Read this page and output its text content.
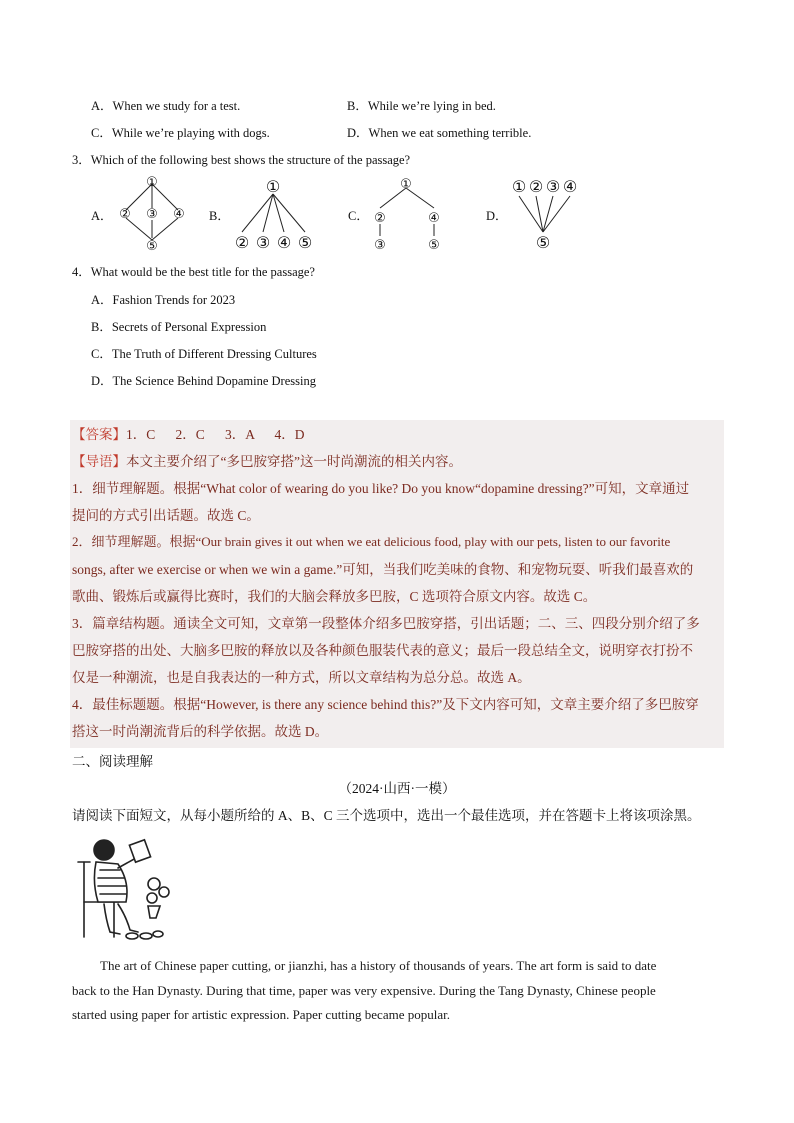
A．When we study for a test.	B．While we’re lying in bed.
C．While we’re playing with dogs.	D．When we eat something terrible.
3．Which of the following best shows the structure of the passage?
A．
①
② ③ ④
⑤
B．
①
② ③ ④ ⑤
C．
①
②	④
③	⑤
D．
① ② ③ ④
⑤
4．What would be the best title for the passage?
A．Fashion Trends for 2023
B．Secrets of Personal Expression
C．The Truth of Different Dressing Cultures
D．The Science Behind Dopamine Dressing
【答案】1．C      2．C      3．A      4．D
【导语】本文主要介绍了“多巴胺穿搭”这一时尚潮流的相关内容。
1．细节理解题。根据“What color of wearing do you like? Do you know“dopamine dressing?”可知，文章通过
提问的方式引出话题。故选 C。
2．细节理解题。根据“Our brain gives it out when we eat delicious food, play with our pets, listen to our favorite
songs, after we exercise or when we win a game.”可知，当我们吃美味的食物、和宠物玩耍、听我们最喜欢的
歌曲、锻炼后或赢得比赛时，我们的大脑会释放多巴胺，C 选项符合原文内容。故选 C。
3．篇章结构题。通读全文可知，文章第一段整体介绍多巴胺穿搭，引出话题；二、三、四段分别介绍了多
巴胺穿搭的出处、大脑多巴胺的释放以及各种颜色服装代表的意义；最后一段总结全文，说明穿衣打扮不
仅是一种潮流，也是自我表达的一种方式，所以文章结构为总分总。故选 A。
4．最佳标题题。根据“However, is there any science behind this?”及下文内容可知，文章主要介绍了多巴胺穿
搭这一时尚潮流背后的科学依据。故选 D。
二、阅读理解
（2024·山西·一模）
请阅读下面短文，从每小题所给的 A、B、C 三个选项中，选出一个最佳选项，并在答题卡上将该项涂黑。
The art of Chinese paper cutting, or jianzhi, has a history of thousands of years. The art form is said to date
back to the Han Dynasty. During that time, paper was very expensive. During the Tang Dynasty, Chinese people
started using paper for artistic expression. Paper cutting became popular.
